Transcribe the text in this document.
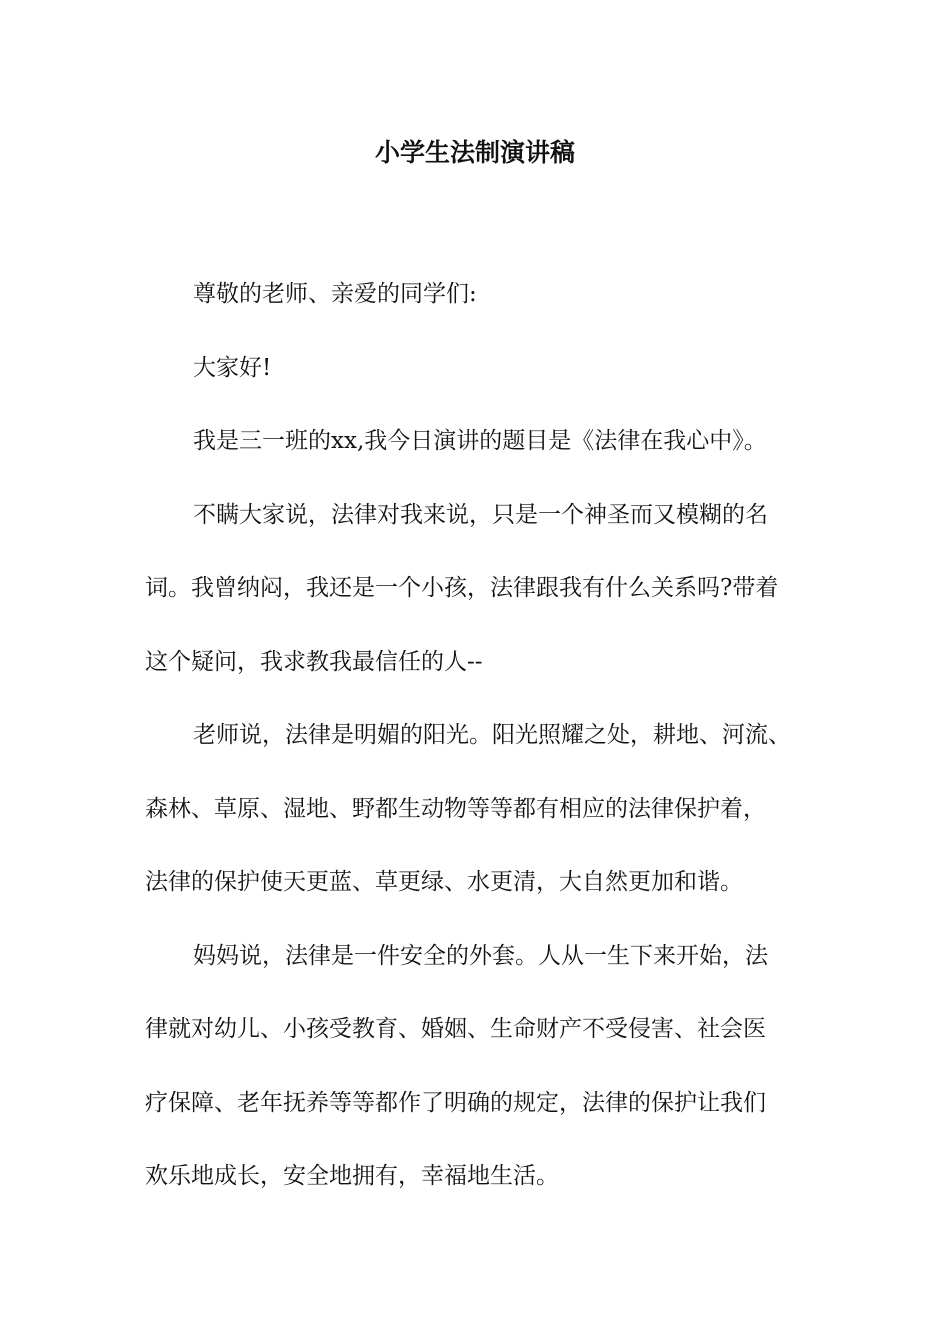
小学生法制演讲稿
尊敬的老师、亲爱的同学们:
大家好!
我是三一班的xx,我今日演讲的题目是《法律在我心中》。
不瞒大家说，法律对我来说，只是一个神圣而又模糊的名
词。我曾纳闷，我还是一个小孩，法律跟我有什么关系吗?带着
这个疑问，我求教我最信任的人--
老师说，法律是明媚的阳光。阳光照耀之处，耕地、河流、
森林、草原、湿地、野都生动物等等都有相应的法律保护着，
法律的保护使天更蓝、草更绿、水更清，大自然更加和谐。
妈妈说，法律是一件安全的外套。人从一生下来开始，法
律就对幼儿、小孩受教育、婚姻、生命财产不受侵害、社会医
疗保障、老年抚养等等都作了明确的规定，法律的保护让我们
欢乐地成长，安全地拥有，幸福地生活。
